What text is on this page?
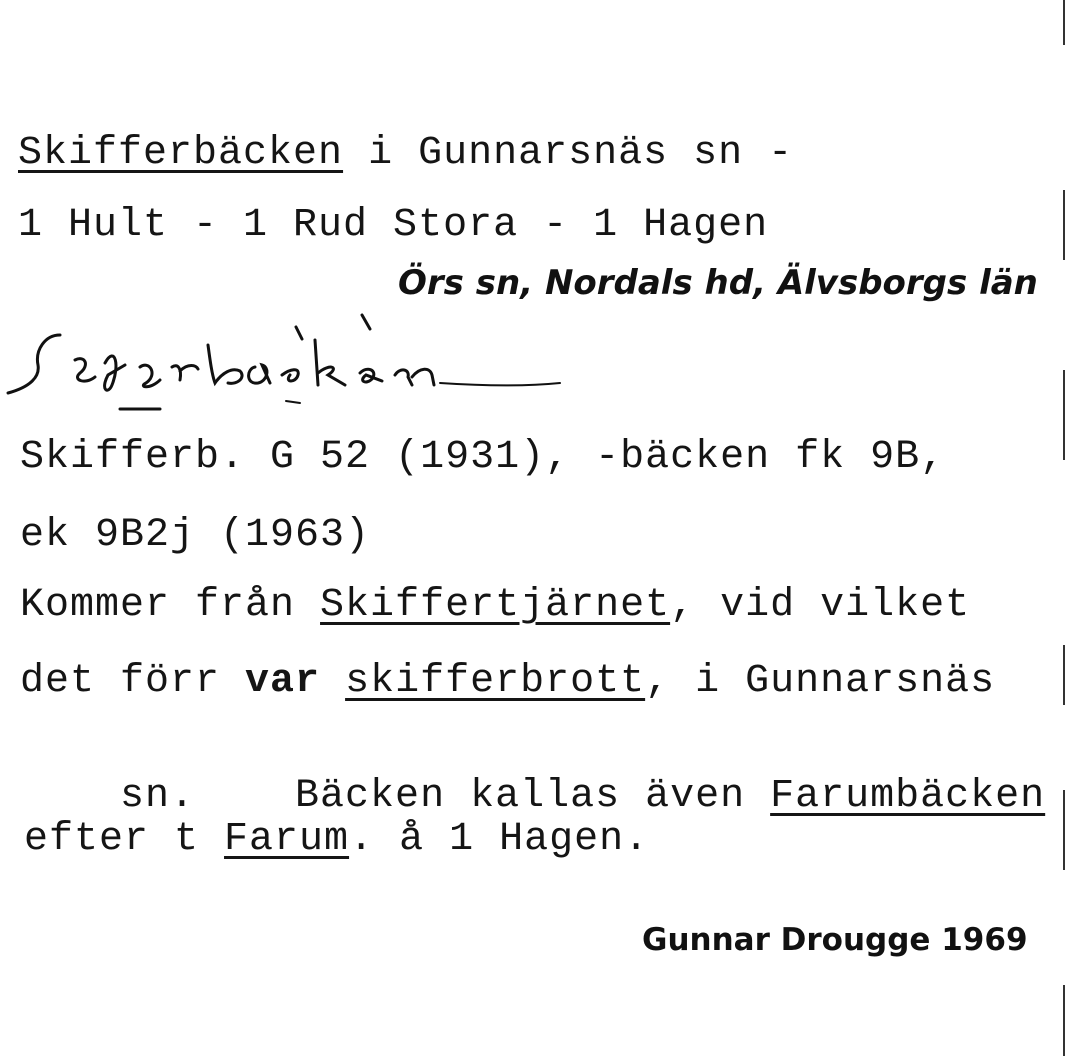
Skifferbäcken i Gunnarsnäs sn -
1 Hult - 1 Rud Stora - 1 Hagen
Örs sn, Nordals hd, Älvsborgs län
Sḕfərbǟkən
Skifferb. G 52 (1931), -bäcken fk 9B,
ek 9B2j (1963)
Kommer från Skiffertjärnet, vid vilket
det förr var skifferbrott, i Gunnarsnäs

sn.    Bäcken kallas även Farumbäcken

efter t Farum. å 1 Hagen.
Gunnar Drougge 1969
